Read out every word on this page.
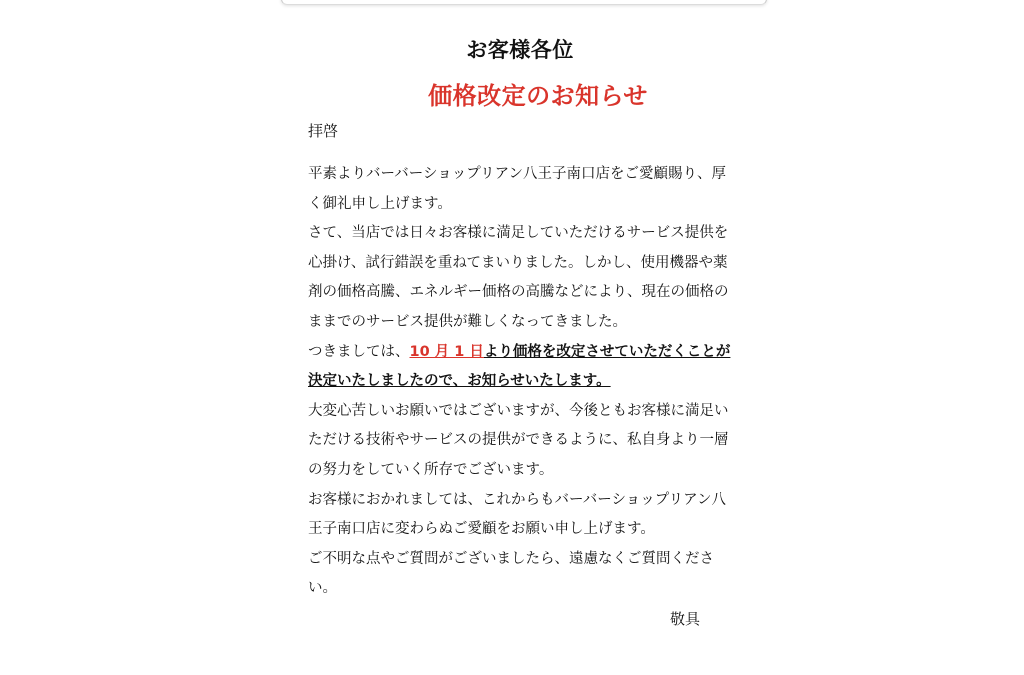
お客様各位
価格改定のお知らせ
拝啓

平素よりバーバーショップリアン八王子南口店をご愛顧賜り、厚く御礼申し上げます。

さて、当店では日々お客様に満足していただけるサービス提供を心掛け、試行錯誤を重ねてまいりました。しかし、使用機器や薬剤の価格高騰、エネルギー価格の高騰などにより、現在の価格のままでのサービス提供が難しくなってきました。

つきましては、10 月 1 日より価格を改定させていただくことが決定いたしましたので、お知らせいたします。

大変心苦しいお願いではございますが、今後ともお客様に満足いただける技術やサービスの提供ができるように、私自身より一層の努力をしていく所存でございます。

お客様におかれましては、これからもバーバーショップリアン八王子南口店に変わらぬご愛顧をお願い申し上げます。

ご不明な点やご質問がございましたら、遠慮なくご質問ください。

敬具
